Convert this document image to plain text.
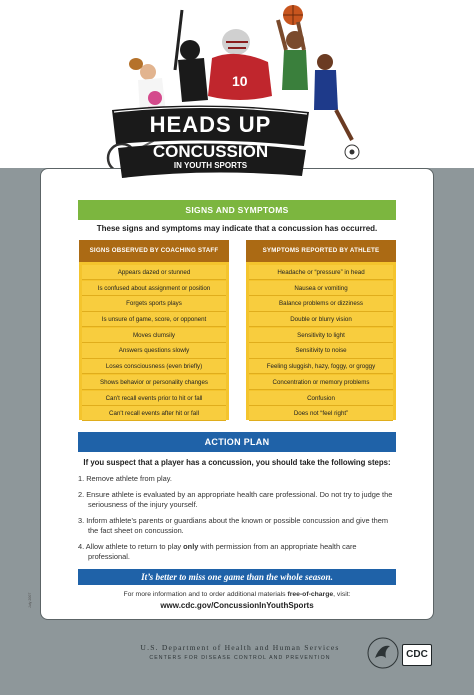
10
HEADS UP
CONCUSSION
IN YOUTH SPORTS
SIGNS AND SYMPTOMS
These signs and symptoms may indicate that a concussion has occurred.
SIGNS OBSERVED BY COACHING STAFF
Appears dazed or stunned
Is confused about assignment or position
Forgets sports plays
Is unsure of game, score, or opponent
Moves clumsily
Answers questions slowly
Loses consciousness (even briefly)
Shows behavior or personality changes
Can't recall events prior to hit or fall
Can't recall events after hit or fall
SYMPTOMS REPORTED BY ATHLETE
Headache or “pressure” in head
Nausea or vomiting
Balance problems or dizziness
Double or blurry vision
Sensitivity to light
Sensitivity to noise
Feeling sluggish, hazy, foggy, or groggy
Concentration or memory problems
Confusion
Does not “feel right”
ACTION PLAN
If you suspect that a player has a concussion, you should take the following steps:
1. Remove athlete from play.
2. Ensure athlete is evaluated by an appropriate health care professional. Do not try to judge the seriousness of the injury yourself.
3. Inform athlete’s parents or guardians about the known or possible concussion and give them the fact sheet on concussion.
4. Allow athlete to return to play only with permission from an appropriate health care professional.
It’s better to miss one game than the whole season.
For more information and to order additional materials free-of-charge, visit:
www.cdc.gov/ConcussionInYouthSports
July 2007
U.S. Department of Health and Human Services
CENTERS FOR DISEASE CONTROL AND PREVENTION	CDC
